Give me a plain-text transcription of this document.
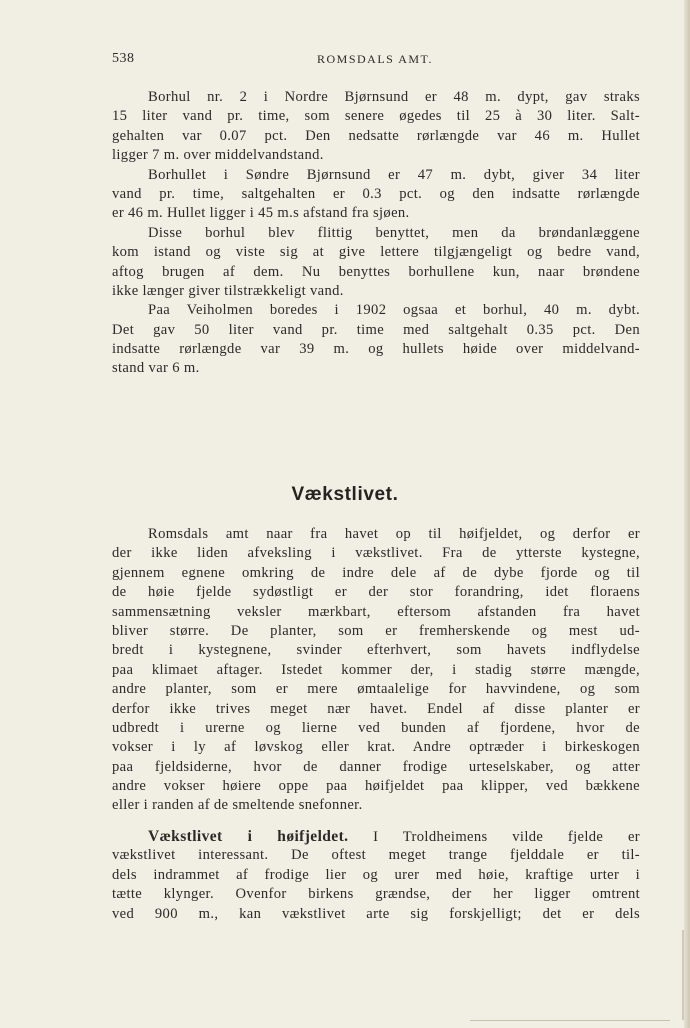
538	ROMSDALS AMT.
Borhul nr. 2 i Nordre Bjørnsund er 48 m. dypt, gav straks
15 liter vand pr. time, som senere øgedes til 25 à 30 liter. Salt-
gehalten var 0.07 pct. Den nedsatte rørlængde var 46 m. Hullet
ligger 7 m. over middelvandstand.
Borhullet i Søndre Bjørnsund er 47 m. dybt, giver 34 liter
vand pr. time, saltgehalten er 0.3 pct. og den indsatte rørlængde
er 46 m. Hullet ligger i 45 m.s afstand fra sjøen.
Disse borhul blev flittig benyttet, men da brøndanlæggene
kom istand og viste sig at give lettere tilgjængeligt og bedre vand,
aftog brugen af dem. Nu benyttes borhullene kun, naar brøndene
ikke længer giver tilstrækkeligt vand.
Paa Veiholmen boredes i 1902 ogsaa et borhul, 40 m. dybt.
Det gav 50 liter vand pr. time med saltgehalt 0.35 pct. Den
indsatte rørlængde var 39 m. og hullets høide over middelvand-
stand var 6 m.
Vækstlivet.
Romsdals amt naar fra havet op til høifjeldet, og derfor er
der ikke liden afveksling i vækstlivet. Fra de ytterste kystegne,
gjennem egnene omkring de indre dele af de dybe fjorde og til
de høie fjelde sydøstligt er der stor forandring, idet floraens
sammensætning veksler mærkbart, eftersom afstanden fra havet
bliver større. De planter, som er fremherskende og mest ud-
bredt i kystegnene, svinder efterhvert, som havets indflydelse
paa klimaet aftager. Istedet kommer der, i stadig større mængde,
andre planter, som er mere ømtaalelige for havvindene, og som
derfor ikke trives meget nær havet. Endel af disse planter er
udbredt i urerne og lierne ved bunden af fjordene, hvor de
vokser i ly af løvskog eller krat. Andre optræder i birkeskogen
paa fjeldsiderne, hvor de danner frodige urteselskaber, og atter
andre vokser høiere oppe paa høifjeldet paa klipper, ved bækkene
eller i randen af de smeltende snefonner.
Vækstlivet i høifjeldet. I Troldheimens vilde fjelde er
vækstlivet interessant. De oftest meget trange fjelddale er til-
dels indrammet af frodige lier og urer med høie, kraftige urter i
tætte klynger. Ovenfor birkens grændse, der her ligger omtrent
ved 900 m., kan vækstlivet arte sig forskjelligt; det er dels
